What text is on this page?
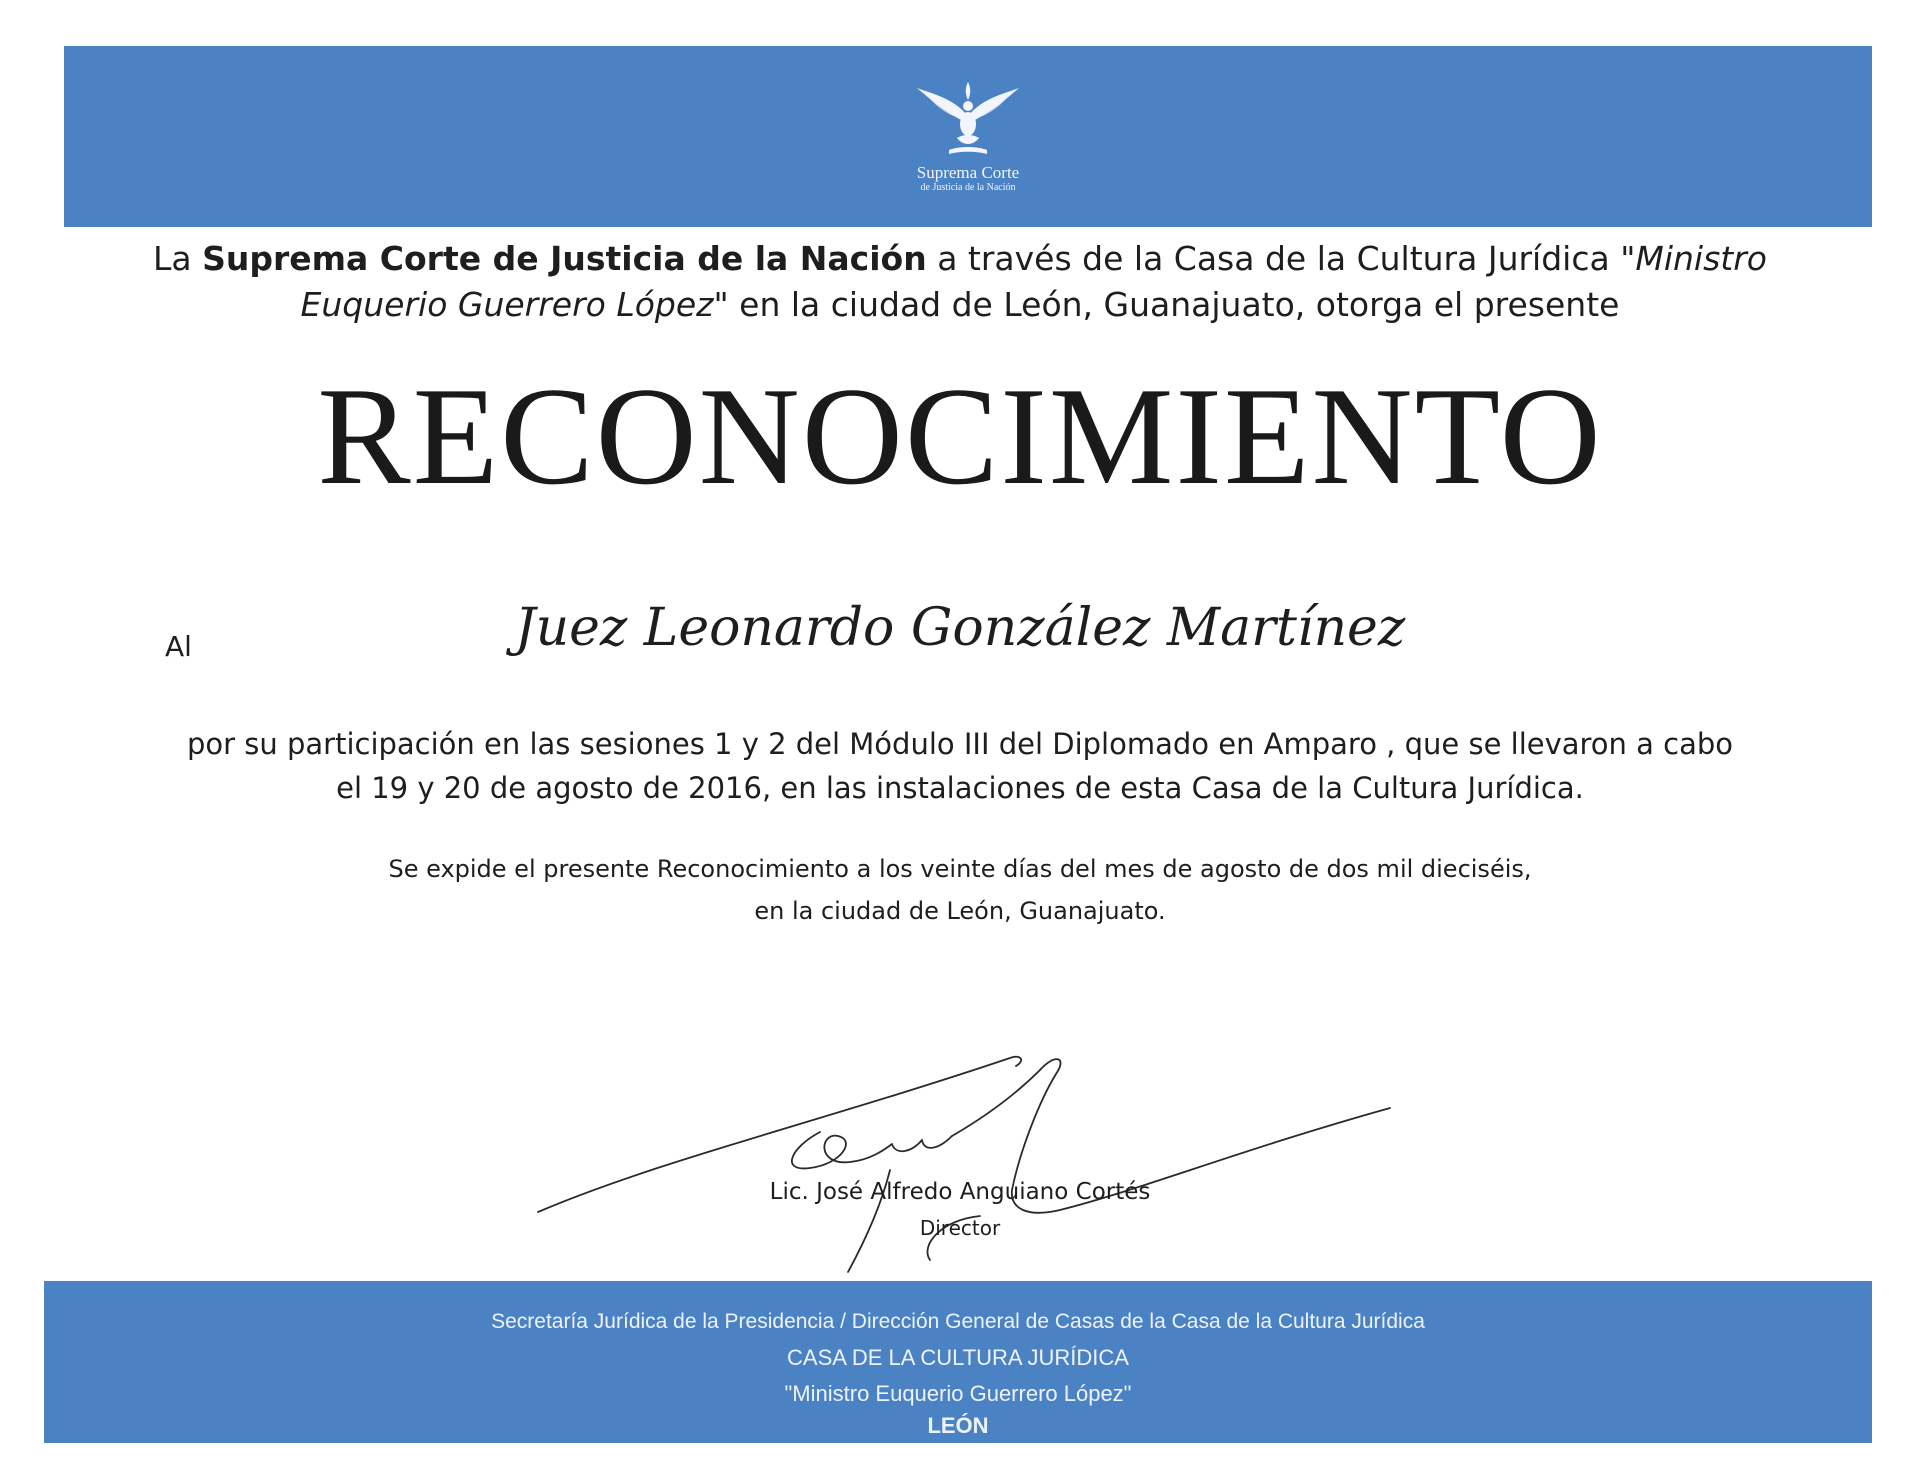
Suprema Corte
de Justicia de la Nación
La Suprema Corte de Justicia de la Nación a través de la Casa de la Cultura Jurídica "Ministro Euquerio Guerrero López" en la ciudad de León, Guanajuato, otorga el presente
RECONOCIMIENTO
Al	Juez Leonardo González Martínez
por su participación en las sesiones 1 y 2 del Módulo III del Diplomado en Amparo , que se llevaron a cabo
el 19 y 20 de agosto de 2016, en las instalaciones de esta Casa de la Cultura Jurídica.
Se expide el presente Reconocimiento a los veinte días del mes de agosto de dos mil dieciséis,
en la ciudad de León, Guanajuato.
Lic. José Alfredo Anguiano Cortés
Director
Secretaría Jurídica de la Presidencia / Dirección General de Casas de la Casa de la Cultura Jurídica
CASA DE LA CULTURA JURÍDICA
"Ministro Euquerio Guerrero López"
LEÓN
